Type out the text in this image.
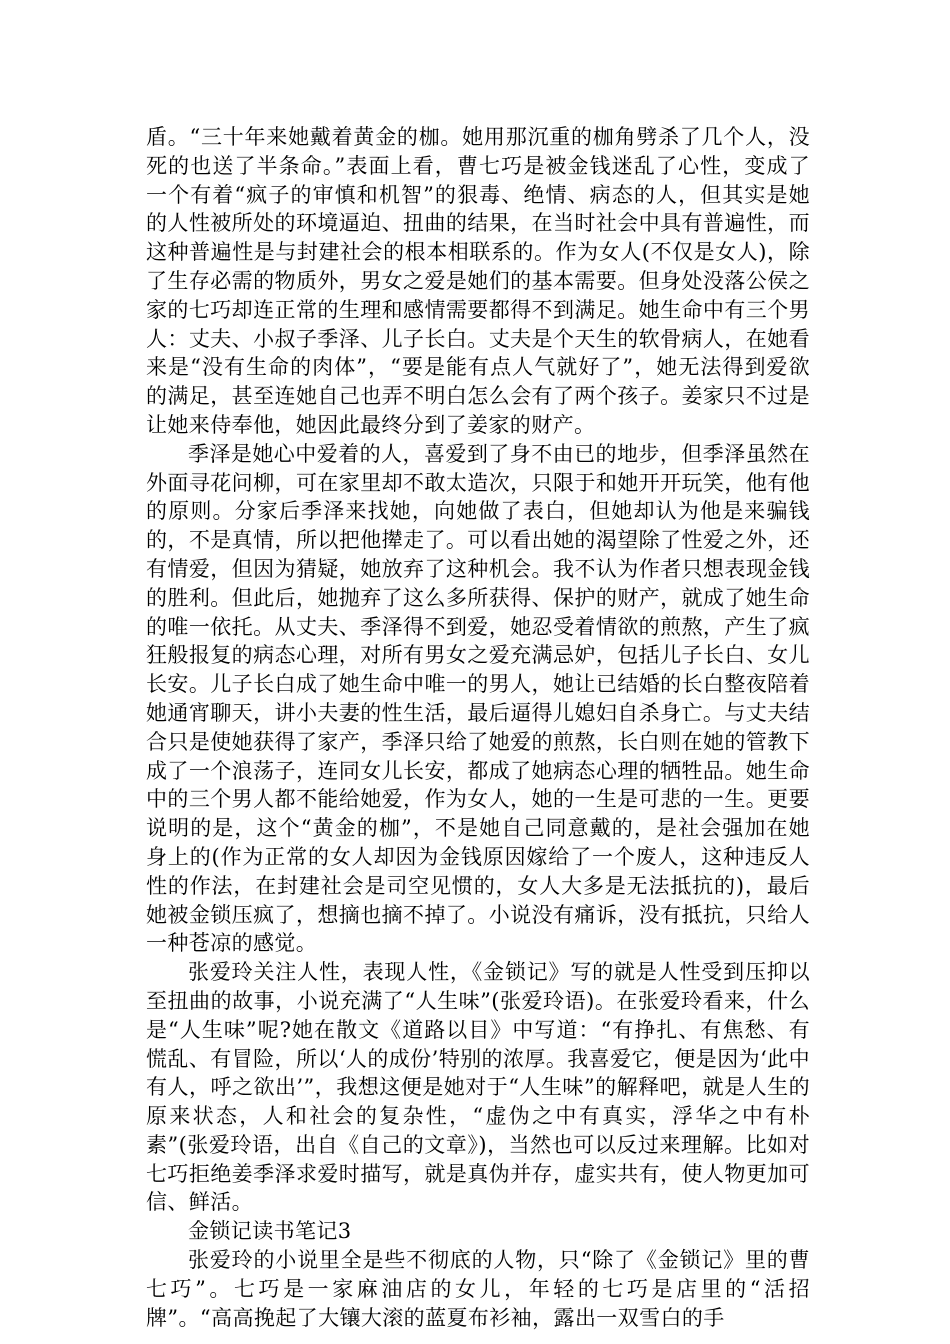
盾。“三十年来她戴着黄金的枷。她用那沉重的枷角劈杀了几个人，没死的也送了半条命。”表面上看，曹七巧是被金钱迷乱了心性，变成了一个有着“疯子的审慎和机智”的狠毒、绝情、病态的人，但其实是她的人性被所处的环境逼迫、扭曲的结果，在当时社会中具有普遍性，而这种普遍性是与封建社会的根本相联系的。作为女人(不仅是女人)，除了生存必需的物质外，男女之爱是她们的基本需要。但身处没落公侯之家的七巧却连正常的生理和感情需要都得不到满足。她生命中有三个男人：丈夫、小叔子季泽、儿子长白。丈夫是个天生的软骨病人，在她看来是“没有生命的肉体”，“要是能有点人气就好了”，她无法得到爱欲的满足，甚至连她自己也弄不明白怎么会有了两个孩子。姜家只不过是让她来侍奉他，她因此最终分到了姜家的财产。

季泽是她心中爱着的人，喜爱到了身不由已的地步，但季泽虽然在外面寻花问柳，可在家里却不敢太造次，只限于和她开开玩笑，他有他的原则。分家后季泽来找她，向她做了表白，但她却认为他是来骗钱的，不是真情，所以把他撵走了。可以看出她的渴望除了性爱之外，还有情爱，但因为猜疑，她放弃了这种机会。我不认为作者只想表现金钱的胜利。但此后，她抛弃了这么多所获得、保护的财产，就成了她生命的唯一依托。从丈夫、季泽得不到爱，她忍受着情欲的煎熬，产生了疯狂般报复的病态心理，对所有男女之爱充满忌妒，包括儿子长白、女儿长安。儿子长白成了她生命中唯一的男人，她让已结婚的长白整夜陪着她通宵聊天，讲小夫妻的性生活，最后逼得儿媳妇自杀身亡。与丈夫结合只是使她获得了家产，季泽只给了她爱的煎熬，长白则在她的管教下成了一个浪荡子，连同女儿长安，都成了她病态心理的牺牲品。她生命中的三个男人都不能给她爱，作为女人，她的一生是可悲的一生。更要说明的是，这个“黄金的枷”，不是她自己同意戴的，是社会强加在她身上的(作为正常的女人却因为金钱原因嫁给了一个废人，这种违反人性的作法，在封建社会是司空见惯的，女人大多是无法抵抗的)，最后她被金锁压疯了，想摘也摘不掉了。小说没有痛诉，没有抵抗，只给人一种苍凉的感觉。

张爱玲关注人性，表现人性，《金锁记》写的就是人性受到压抑以至扭曲的故事，小说充满了“人生味”(张爱玲语)。在张爱玲看来，什么是“人生味”呢?她在散文《道路以目》中写道：“有挣扎、有焦愁、有慌乱、有冒险，所以‘人的成份’特别的浓厚。我喜爱它，便是因为‘此中有人，呼之欲出’”，我想这便是她对于“人生味”的解释吧，就是人生的原来状态，人和社会的复杂性，“虚伪之中有真实，浮华之中有朴素”(张爱玲语，出自《自己的文章》)，当然也可以反过来理解。比如对七巧拒绝姜季泽求爱时描写，就是真伪并存，虚实共有，使人物更加可信、鲜活。

金锁记读书笔记3

张爱玲的小说里全是些不彻底的人物，只“除了《金锁记》里的曹七巧”。七巧是一家麻油店的女儿，年轻的七巧是店里的“活招牌”。“高高挽起了大镶大滚的蓝夏布衫袖，露出一双雪白的手
